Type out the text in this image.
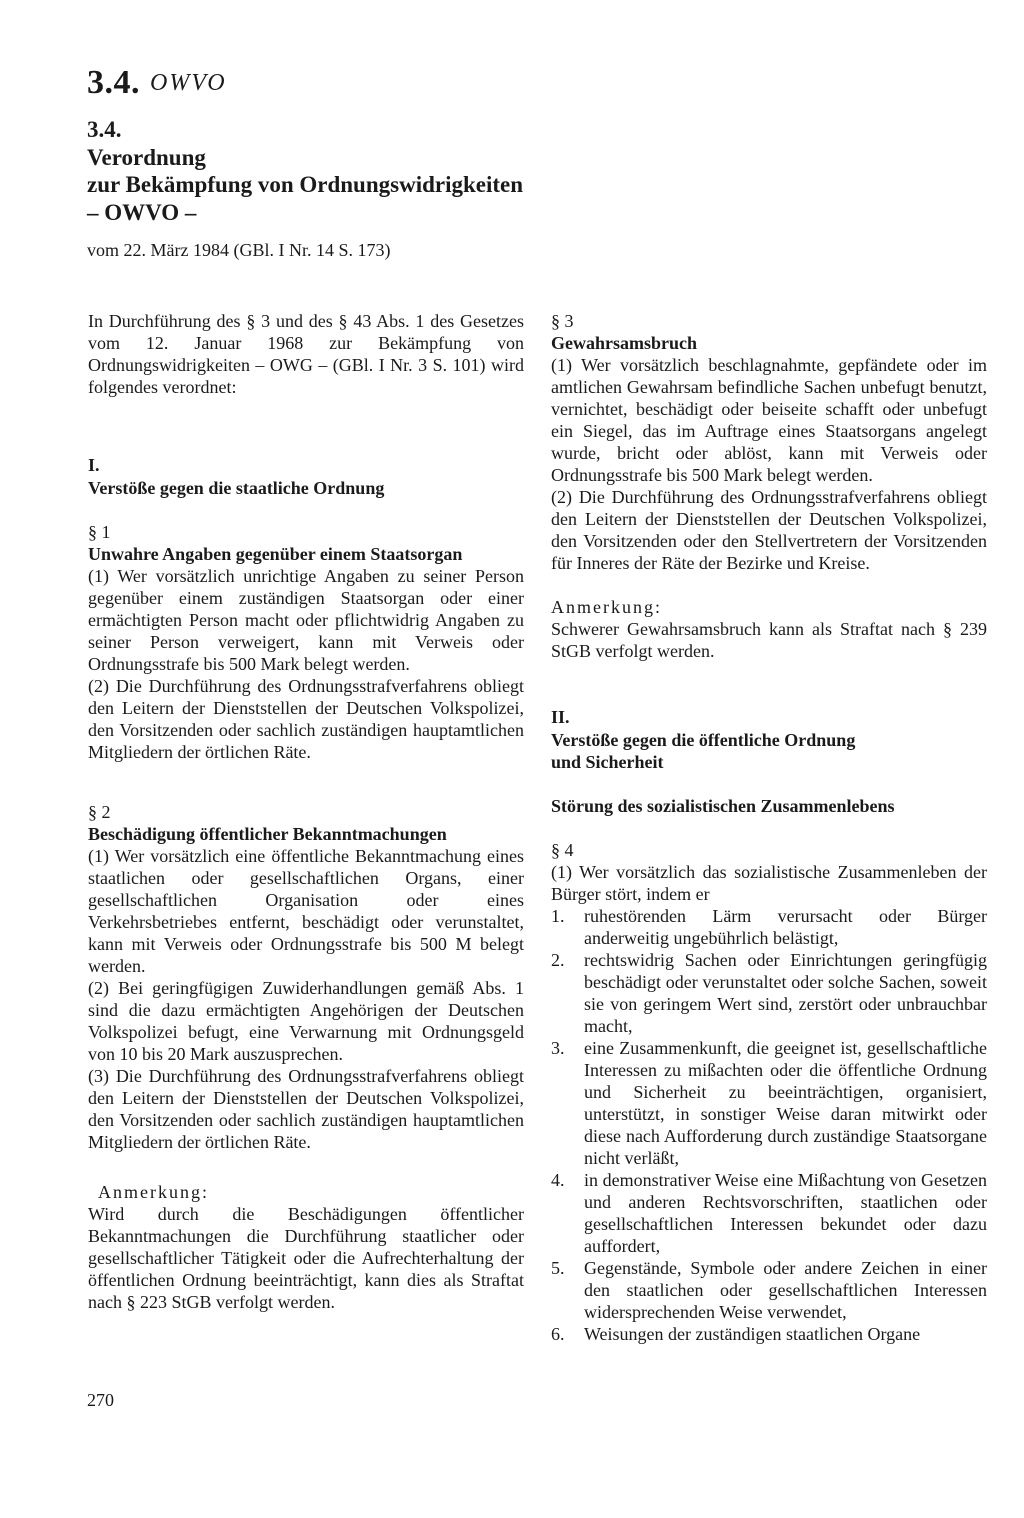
3.4. OWVO
3.4.
Verordnung
zur Bekämpfung von Ordnungswidrigkeiten
– OWVO –
vom 22. März 1984 (GBl. I Nr. 14 S. 173)
In Durchführung des § 3 und des § 43 Abs. 1 des Gesetzes vom 12. Januar 1968 zur Bekämpfung von Ordnungswidrigkeiten – OWG – (GBl. I Nr. 3 S. 101) wird folgendes verordnet:
I.
Verstöße gegen die staatliche Ordnung
§ 1
Unwahre Angaben gegenüber einem Staatsorgan
(1) Wer vorsätzlich unrichtige Angaben zu seiner Person gegenüber einem zuständigen Staatsorgan oder einer ermächtigten Person macht oder pflichtwidrig Angaben zu seiner Person verweigert, kann mit Verweis oder Ordnungsstrafe bis 500 Mark belegt werden.
(2) Die Durchführung des Ordnungsstrafverfahrens obliegt den Leitern der Dienststellen der Deutschen Volkspolizei, den Vorsitzenden oder sachlich zuständigen hauptamtlichen Mitgliedern der örtlichen Räte.
§ 2
Beschädigung öffentlicher Bekanntmachungen
(1) Wer vorsätzlich eine öffentliche Bekanntmachung eines staatlichen oder gesellschaftlichen Organs, einer gesellschaftlichen Organisation oder eines Verkehrsbetriebes entfernt, beschädigt oder verunstaltet, kann mit Verweis oder Ordnungsstrafe bis 500 M belegt werden.
(2) Bei geringfügigen Zuwiderhandlungen gemäß Abs. 1 sind die dazu ermächtigten Angehörigen der Deutschen Volkspolizei befugt, eine Verwarnung mit Ordnungsgeld von 10 bis 20 Mark auszusprechen.
(3) Die Durchführung des Ordnungsstrafverfahrens obliegt den Leitern der Dienststellen der Deutschen Volkspolizei, den Vorsitzenden oder sachlich zuständigen hauptamtlichen Mitgliedern der örtlichen Räte.
Anmerkung:
Wird durch die Beschädigungen öffentlicher Bekanntmachungen die Durchführung staatlicher oder gesellschaftlicher Tätigkeit oder die Aufrechterhaltung der öffentlichen Ordnung beeinträchtigt, kann dies als Straftat nach § 223 StGB verfolgt werden.
§ 3
Gewahrsamsbruch
(1) Wer vorsätzlich beschlagnahmte, gepfändete oder im amtlichen Gewahrsam befindliche Sachen unbefugt benutzt, vernichtet, beschädigt oder beiseite schafft oder unbefugt ein Siegel, das im Auftrage eines Staatsorgans angelegt wurde, bricht oder ablöst, kann mit Verweis oder Ordnungsstrafe bis 500 Mark belegt werden.
(2) Die Durchführung des Ordnungsstrafverfahrens obliegt den Leitern der Dienststellen der Deutschen Volkspolizei, den Vorsitzenden oder den Stellvertretern der Vorsitzenden für Inneres der Räte der Bezirke und Kreise.
Anmerkung:
Schwerer Gewahrsamsbruch kann als Straftat nach § 239 StGB verfolgt werden.
II.
Verstöße gegen die öffentliche Ordnung
und Sicherheit
Störung des sozialistischen Zusammenlebens
§ 4
(1) Wer vorsätzlich das sozialistische Zusammenleben der Bürger stört, indem er
1. ruhestörenden Lärm verursacht oder Bürger anderweitig ungebührlich belästigt,
2. rechtswidrig Sachen oder Einrichtungen geringfügig beschädigt oder verunstaltet oder solche Sachen, soweit sie von geringem Wert sind, zerstört oder unbrauchbar macht,
3. eine Zusammenkunft, die geeignet ist, gesellschaftliche Interessen zu mißachten oder die öffentliche Ordnung und Sicherheit zu beeinträchtigen, organisiert, unterstützt, in sonstiger Weise daran mitwirkt oder diese nach Aufforderung durch zuständige Staatsorgane nicht verläßt,
4. in demonstrativer Weise eine Mißachtung von Gesetzen und anderen Rechtsvorschriften, staatlichen oder gesellschaftlichen Interessen bekundet oder dazu auffordert,
5. Gegenstände, Symbole oder andere Zeichen in einer den staatlichen oder gesellschaftlichen Interessen widersprechenden Weise verwendet,
6. Weisungen der zuständigen staatlichen Organe
270
